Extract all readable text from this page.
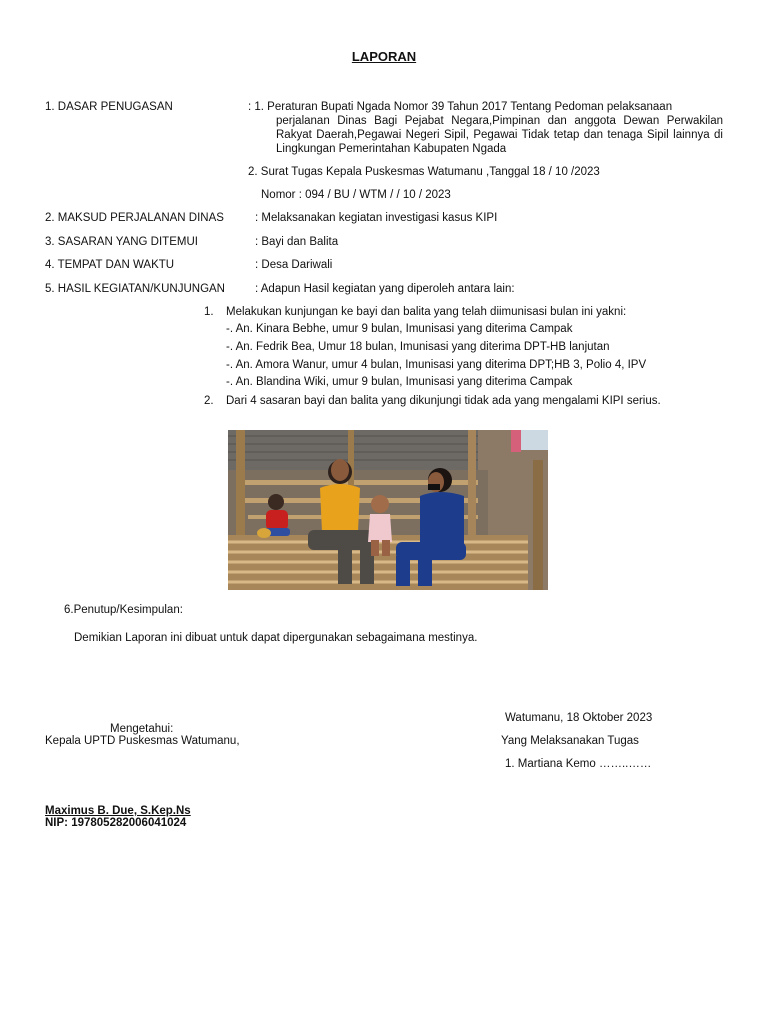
LAPORAN
1. DASAR PENUGASAN	: 1. Peraturan Bupati Ngada Nomor 39 Tahun 2017 Tentang Pedoman pelaksanaan
perjalanan Dinas Bagi Pejabat Negara,Pimpinan dan anggota Dewan Perwakilan Rakyat Daerah,Pegawai Negeri Sipil, Pegawai Tidak tetap dan tenaga Sipil lainnya di Lingkungan Pemerintahan Kabupaten Ngada
2. Surat Tugas Kepala Puskesmas Watumanu ,Tanggal 18 / 10 /2023
Nomor : 094 / BU / WTM / / 10 / 2023
2. MAKSUD PERJALANAN DINAS	: Melaksanakan kegiatan investigasi kasus KIPI
3. SASARAN YANG DITEMUI	: Bayi dan Balita
4. TEMPAT DAN WAKTU	: Desa Dariwali
5. HASIL KEGIATAN/KUNJUNGAN	: Adapun Hasil kegiatan yang diperoleh antara lain:
1. Melakukan kunjungan ke bayi dan balita yang telah diimunisasi bulan ini yakni:
-. An. Kinara Bebhe, umur 9 bulan, Imunisasi yang diterima Campak
-. An. Fedrik Bea, Umur 18 bulan, Imunisasi yang diterima DPT-HB lanjutan
-. An. Amora Wanur, umur 4 bulan, Imunisasi yang diterima DPT;HB 3, Polio 4, IPV
-. An. Blandina Wiki, umur 9 bulan, Imunisasi yang diterima Campak
2. Dari 4 sasaran bayi dan balita yang dikunjungi tidak ada yang mengalami KIPI serius.
6.Penutup/Kesimpulan:
Demikian Laporan ini dibuat untuk dapat dipergunakan sebagaimana mestinya.
Watumanu, 18 Oktober 2023
Mengetahui:
Kepala UPTD Puskesmas Watumanu,	Yang Melaksanakan Tugas
1. Martiana Kemo ……..……
Maximus B. Due, S.Kep.Ns
NIP: 197805282006041024
